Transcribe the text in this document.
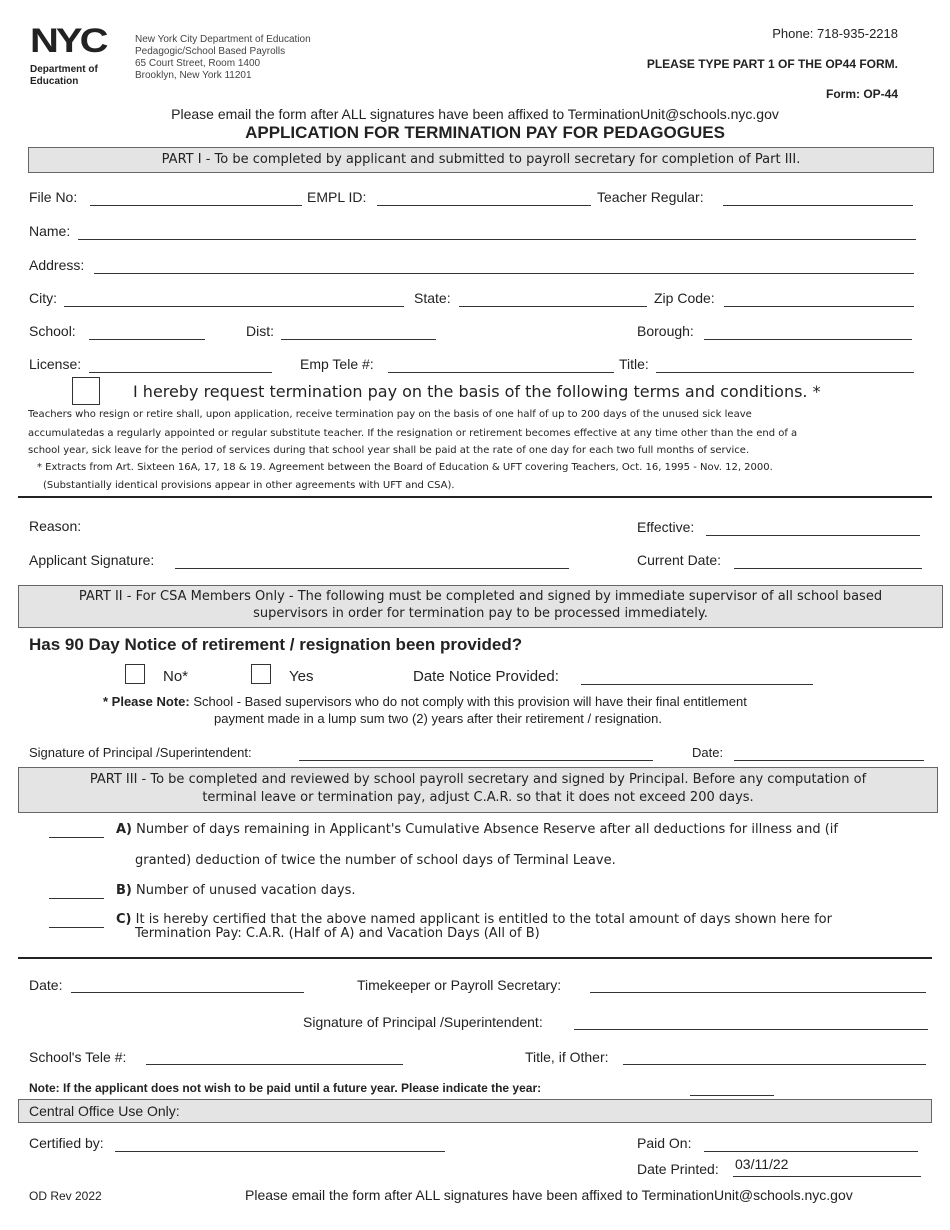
NYC
Department of
Education
New York City Department of Education
Pedagogic/School Based Payrolls
65 Court Street, Room 1400
Brooklyn, New York 11201
Phone: 718-935-2218
PLEASE TYPE PART 1 OF THE OP44 FORM.
Form: OP-44
Please email the form after ALL signatures have been affixed to TerminationUnit@schools.nyc.gov
APPLICATION FOR TERMINATION PAY FOR PEDAGOGUES
PART I - To be completed by applicant and submitted to payroll secretary for completion of Part III.
File No:	EMPL ID:	Teacher Regular:
Name:
Address:
City:	State:	Zip Code:
School:	Dist:	Borough:
License:	Emp Tele #:	Title:
I hereby request termination pay on the basis of the following terms and conditions. *
Teachers who resign or retire shall, upon application, receive termination pay on the basis of one half of up to 200 days of the unused sick leave
accumulatedas a regularly appointed or regular substitute teacher. If the resignation or retirement becomes effective at any time other than the end of a
school year, sick leave for the period of services during that school year shall be paid at the rate of one day for each two full months of service.
* Extracts from Art. Sixteen 16A, 17, 18 & 19. Agreement between the Board of Education & UFT covering Teachers, Oct. 16, 1995 - Nov. 12, 2000.
(Substantially identical provisions appear in other agreements with UFT and CSA).
Reason:	Effective:
Applicant Signature:	Current Date:
PART II - For CSA Members Only - The following must be completed and signed by immediate supervisor of all school based
supervisors in order for termination pay to be processed immediately.
Has 90 Day Notice of retirement / resignation been provided?
No*	Yes	Date Notice Provided:
* Please Note: School - Based supervisors who do not comply with this provision will have their final entitlement
payment made in a lump sum two (2) years after their retirement / resignation.
Signature of Principal /Superintendent:	Date:
PART III - To be completed and reviewed by school payroll secretary and signed by Principal. Before any computation of
terminal leave or termination pay, adjust C.A.R. so that it does not exceed 200 days.
A) Number of days remaining in Applicant's Cumulative Absence Reserve after all deductions for illness and (if
granted) deduction of twice the number of school days of Terminal Leave.
B) Number of unused vacation days.
C) It is hereby certified that the above named applicant is entitled to the total amount of days shown here for
Termination Pay: C.A.R. (Half of A) and Vacation Days (All of B)
Date:	Timekeeper or Payroll Secretary:
Signature of Principal /Superintendent:
School's Tele #:	Title, if Other:
Note: If the applicant does not wish to be paid until a future year. Please indicate the year:
Central Office Use Only:
Certified by:	Paid On:
Date Printed: 03/11/22
OD Rev 2022	Please email the form after ALL signatures have been affixed to TerminationUnit@schools.nyc.gov
